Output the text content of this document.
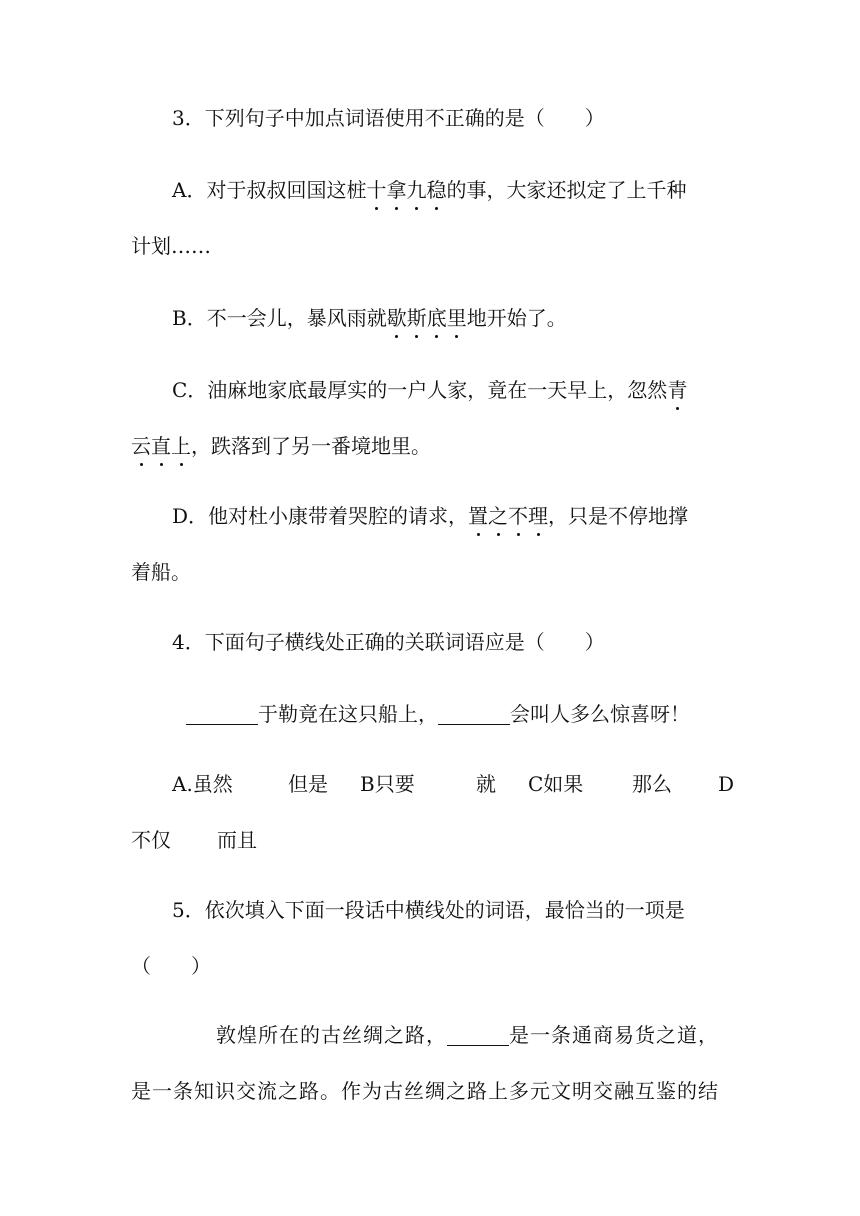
3．下列句子中加点词语使用不正确的是（　　）
A．对于叔叔回国这桩十拿九稳的事，大家还拟定了上千种
计划……
B．不一会儿，暴风雨就歇斯底里地开始了。
C．油麻地家底最厚实的一户人家，竟在一天早上，忽然青
云直上，跌落到了另一番境地里。
D．他对杜小康带着哭腔的请求，置之不理，只是不停地撑
着船。
4．下面句子横线处正确的关联词语应是（　　）
于勒竟在这只船上，	会叫人多么惊喜呀！
A.虽然	但是 B只要	就 C如果 那么 D
不仅 而且
5．依次填入下面一段话中横线处的词语，最恰当的一项是
（　　）
敦煌所在的古丝绸之路，	是一条通商易货之道，
是一条知识交流之路。作为古丝绸之路上多元文明交融互鉴的结
